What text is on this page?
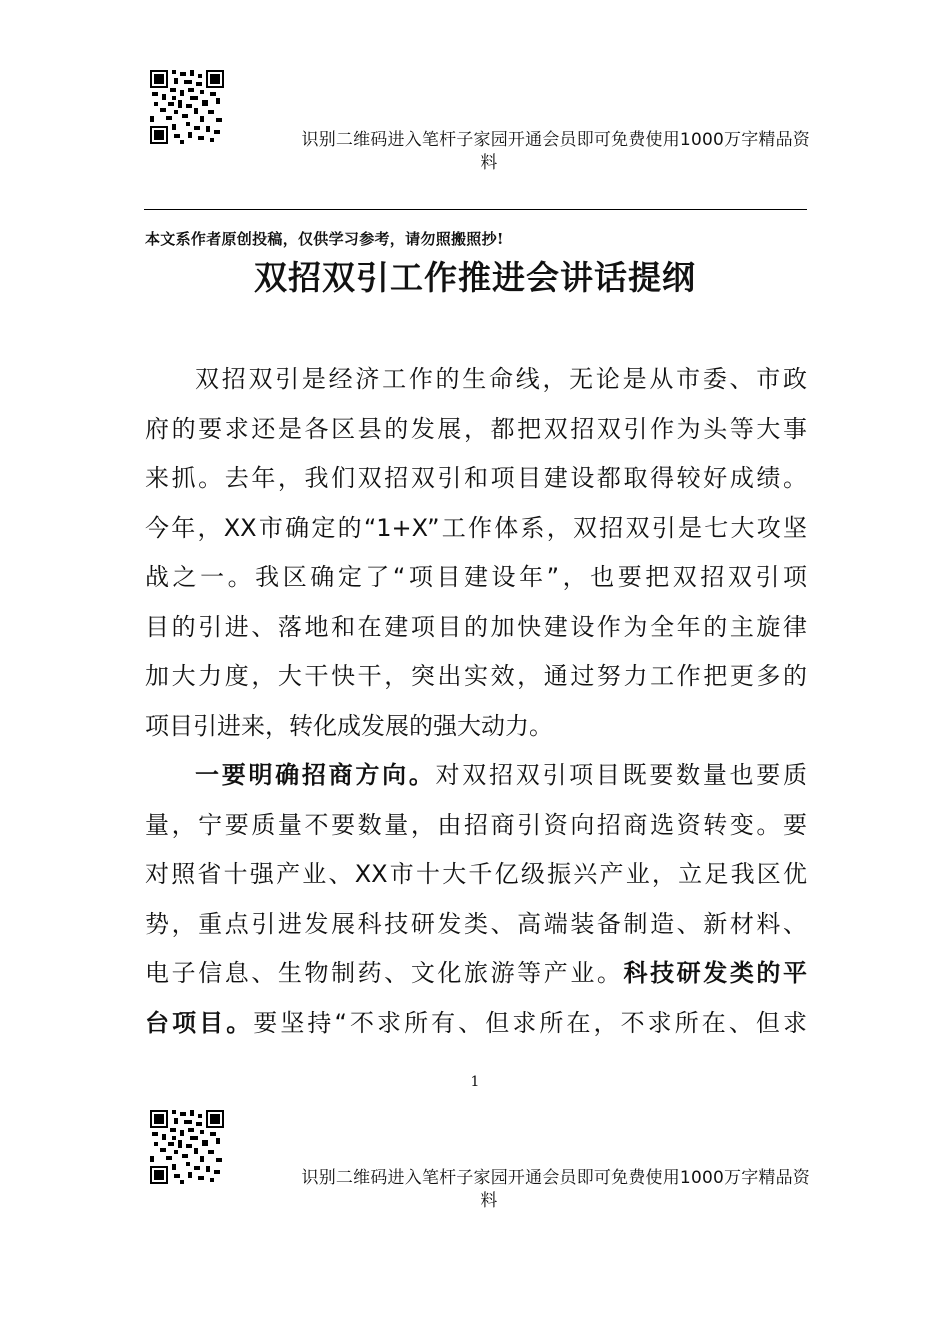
识别二维码进入笔杆子家园开通会员即可免费使用1000万字精品资
料
本文系作者原创投稿，仅供学习参考，请勿照搬照抄!
双招双引工作推进会讲话提纲
双招双引是经济工作的生命线，无论是从市委、市政
府的要求还是各区县的发展，都把双招双引作为头等大事
来抓。去年，我们双招双引和项目建设都取得较好成绩。
今年，XX市确定的“1+X”工作体系，双招双引是七大攻坚
战之一。我区确定了“项目建设年”，也要把双招双引项
目的引进、落地和在建项目的加快建设作为全年的主旋律
加大力度，大干快干，突出实效，通过努力工作把更多的
项目引进来，转化成发展的强大动力。
一要明确招商方向。对双招双引项目既要数量也要质
量，宁要质量不要数量，由招商引资向招商选资转变。要
对照省十强产业、XX市十大千亿级振兴产业，立足我区优
势，重点引进发展科技研发类、高端装备制造、新材料、
电子信息、生物制药、文化旅游等产业。科技研发类的平
台项目。要坚持“不求所有、但求所在，不求所在、但求
1
识别二维码进入笔杆子家园开通会员即可免费使用1000万字精品资
料
